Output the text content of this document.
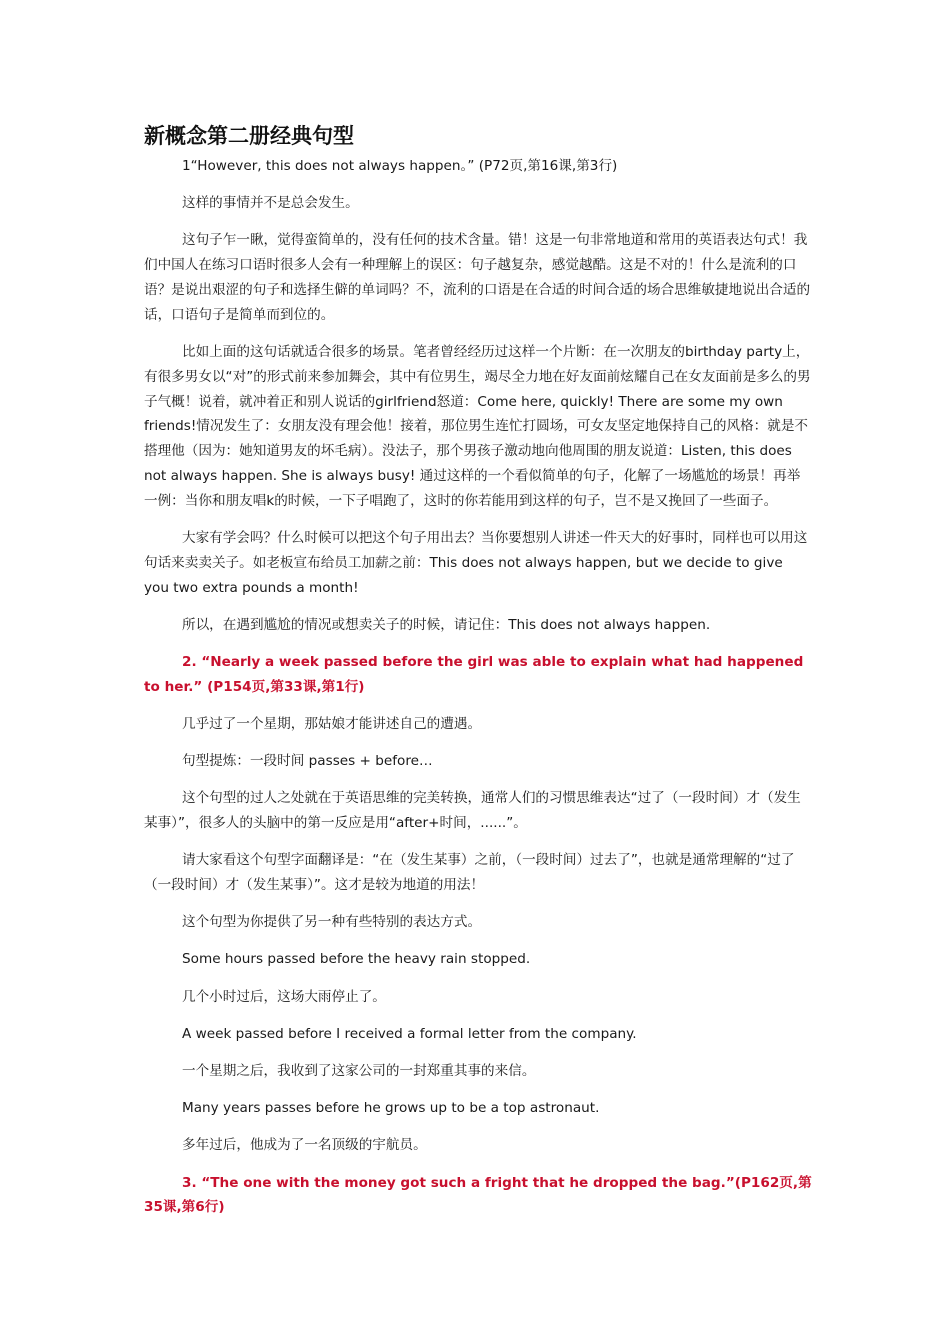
新概念第二册经典句型

1“However, this does not always happen。” (P72页,第16课,第3行)

这样的事情并不是总会发生。

这句子乍一瞅，觉得蛮简单的，没有任何的技术含量。错！这是一句非常地道和常用的英语表达句式！我们中国人在练习口语时很多人会有一种理解上的误区：句子越复杂，感觉越酷。这是不对的！什么是流利的口语？是说出艰涩的句子和选择生僻的单词吗？不，流利的口语是在合适的时间合适的场合思维敏捷地说出合适的话，口语句子是简单而到位的。

比如上面的这句话就适合很多的场景。笔者曾经经历过这样一个片断：在一次朋友的birthday party上，有很多男女以“对”的形式前来参加舞会，其中有位男生，竭尽全力地在好友面前炫耀自己在女友面前是多么的男子气概！说着，就冲着正和别人说话的girlfriend怒道：Come here, quickly! There are some my own friends!情况发生了：女朋友没有理会他！接着，那位男生连忙打圆场，可女友坚定地保持自己的风格：就是不搭理他（因为：她知道男友的坏毛病）。没法子，那个男孩子激动地向他周围的朋友说道：Listen, this does not always happen. She is always busy! 通过这样的一个看似简单的句子，化解了一场尴尬的场景！再举一例：当你和朋友唱k的时候，一下子唱跑了，这时的你若能用到这样的句子，岂不是又挽回了一些面子。

大家有学会吗？什么时候可以把这个句子用出去？当你要想别人讲述一件天大的好事时，同样也可以用这句话来卖卖关子。如老板宣布给员工加薪之前：This does not always happen, but we decide to give you two extra pounds a month!

所以，在遇到尴尬的情况或想卖关子的时候，请记住：This does not always happen.

2. “Nearly a week passed before the girl was able to explain what had happened to her.” (P154页,第33课,第1行)

几乎过了一个星期，那姑娘才能讲述自己的遭遇。

句型提炼：一段时间 passes + before…

这个句型的过人之处就在于英语思维的完美转换，通常人们的习惯思维表达“过了（一段时间）才（发生某事）”，很多人的头脑中的第一反应是用“after+时间，......”。

请大家看这个句型字面翻译是：“在（发生某事）之前，（一段时间）过去了”，也就是通常理解的“过了（一段时间）才（发生某事）”。这才是较为地道的用法！

这个句型为你提供了另一种有些特别的表达方式。

Some hours passed before the heavy rain stopped.

几个小时过后，这场大雨停止了。

A week passed before I received a formal letter from the company.

一个星期之后，我收到了这家公司的一封郑重其事的来信。

Many years passes before he grows up to be a top astronaut.

多年过后，他成为了一名顶级的宇航员。

3. “The one with the money got such a fright that he dropped the bag.”(P162页,第35课,第6行)
